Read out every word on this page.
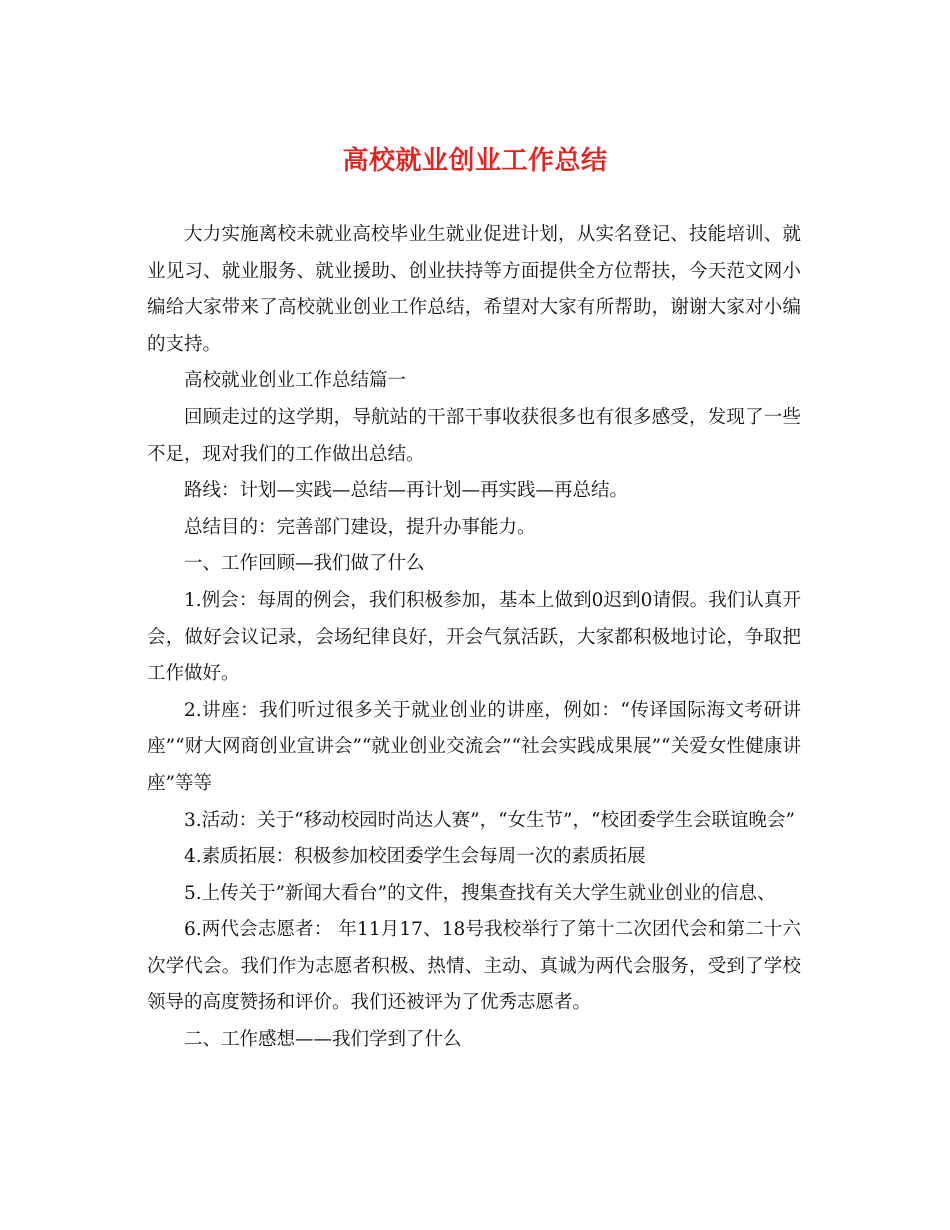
高校就业创业工作总结

大力实施离校未就业高校毕业生就业促进计划，从实名登记、技能培训、就业见习、就业服务、就业援助、创业扶持等方面提供全方位帮扶，今天范文网小编给大家带来了高校就业创业工作总结，希望对大家有所帮助，谢谢大家对小编的支持。

高校就业创业工作总结篇一

回顾走过的这学期，导航站的干部干事收获很多也有很多感受，发现了一些不足，现对我们的工作做出总结。

路线：计划—实践—总结—再计划—再实践—再总结。

总结目的：完善部门建设，提升办事能力。

一、工作回顾—我们做了什么

1.例会：每周的例会，我们积极参加，基本上做到0迟到0请假。我们认真开会，做好会议记录，会场纪律良好，开会气氛活跃，大家都积极地讨论，争取把工作做好。

2.讲座：我们听过很多关于就业创业的讲座，例如：“传译国际海文考研讲座”“财大网商创业宣讲会”“就业创业交流会”“社会实践成果展”“关爱女性健康讲座”等等

3.活动：关于“移动校园时尚达人赛”，“女生节”，“校团委学生会联谊晚会”

4.素质拓展：积极参加校团委学生会每周一次的素质拓展

5.上传关于”新闻大看台”的文件，搜集查找有关大学生就业创业的信息、

6.两代会志愿者： 年11月17、18号我校举行了第十二次团代会和第二十六次学代会。我们作为志愿者积极、热情、主动、真诚为两代会服务，受到了学校领导的高度赞扬和评价。我们还被评为了优秀志愿者。

二、工作感想——我们学到了什么
